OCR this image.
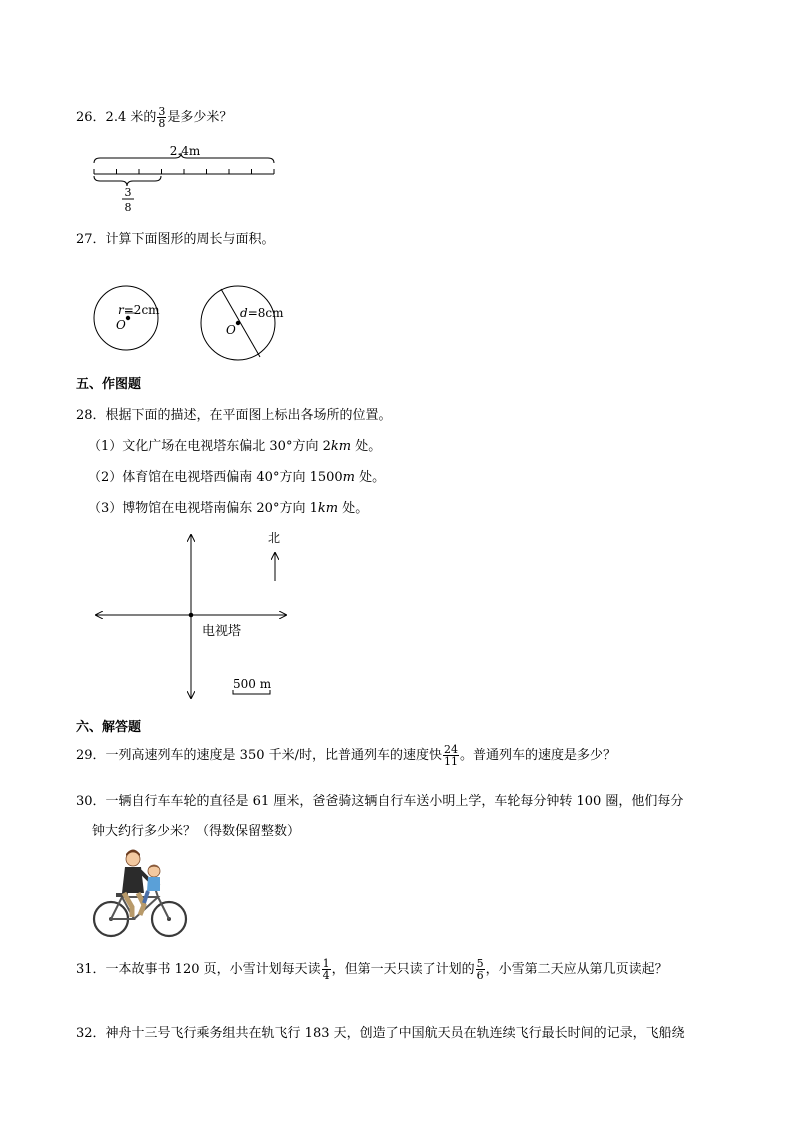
26．2.4 米的 $\frac{3}{8}$ 是多少米？
2.4m
3
8
27．计算下面图形的周长与面积。
r=2cm
O
d=8cm
O
五、作图题
28．根据下面的描述，在平面图上标出各场所的位置。
（1）文化广场在电视塔东偏北 30°方向 2km 处。
（2）体育馆在电视塔西偏南 40°方向 1500m 处。
（3）博物馆在电视塔南偏东 20°方向 1km 处。
电视塔
北
500 m
六、解答题
29．一列高速列车的速度是 350 千米/时，比普通列车的速度快 $\frac{24}{11}$ 。普通列车的速度是多少？
30．一辆自行车车轮的直径是 61 厘米，爸爸骑这辆自行车送小明上学，车轮每分钟转 100 圈，他们每分
钟大约行多少米？（得数保留整数）
31．一本故事书 120 页，小雪计划每天读 $\frac{1}{4}$ ，但第一天只读了计划的 $\frac{5}{6}$ ，小雪第二天应从第几页读起？
32．神舟十三号飞行乘务组共在轨飞行 183 天，创造了中国航天员在轨连续飞行最长时间的记录，飞船绕
